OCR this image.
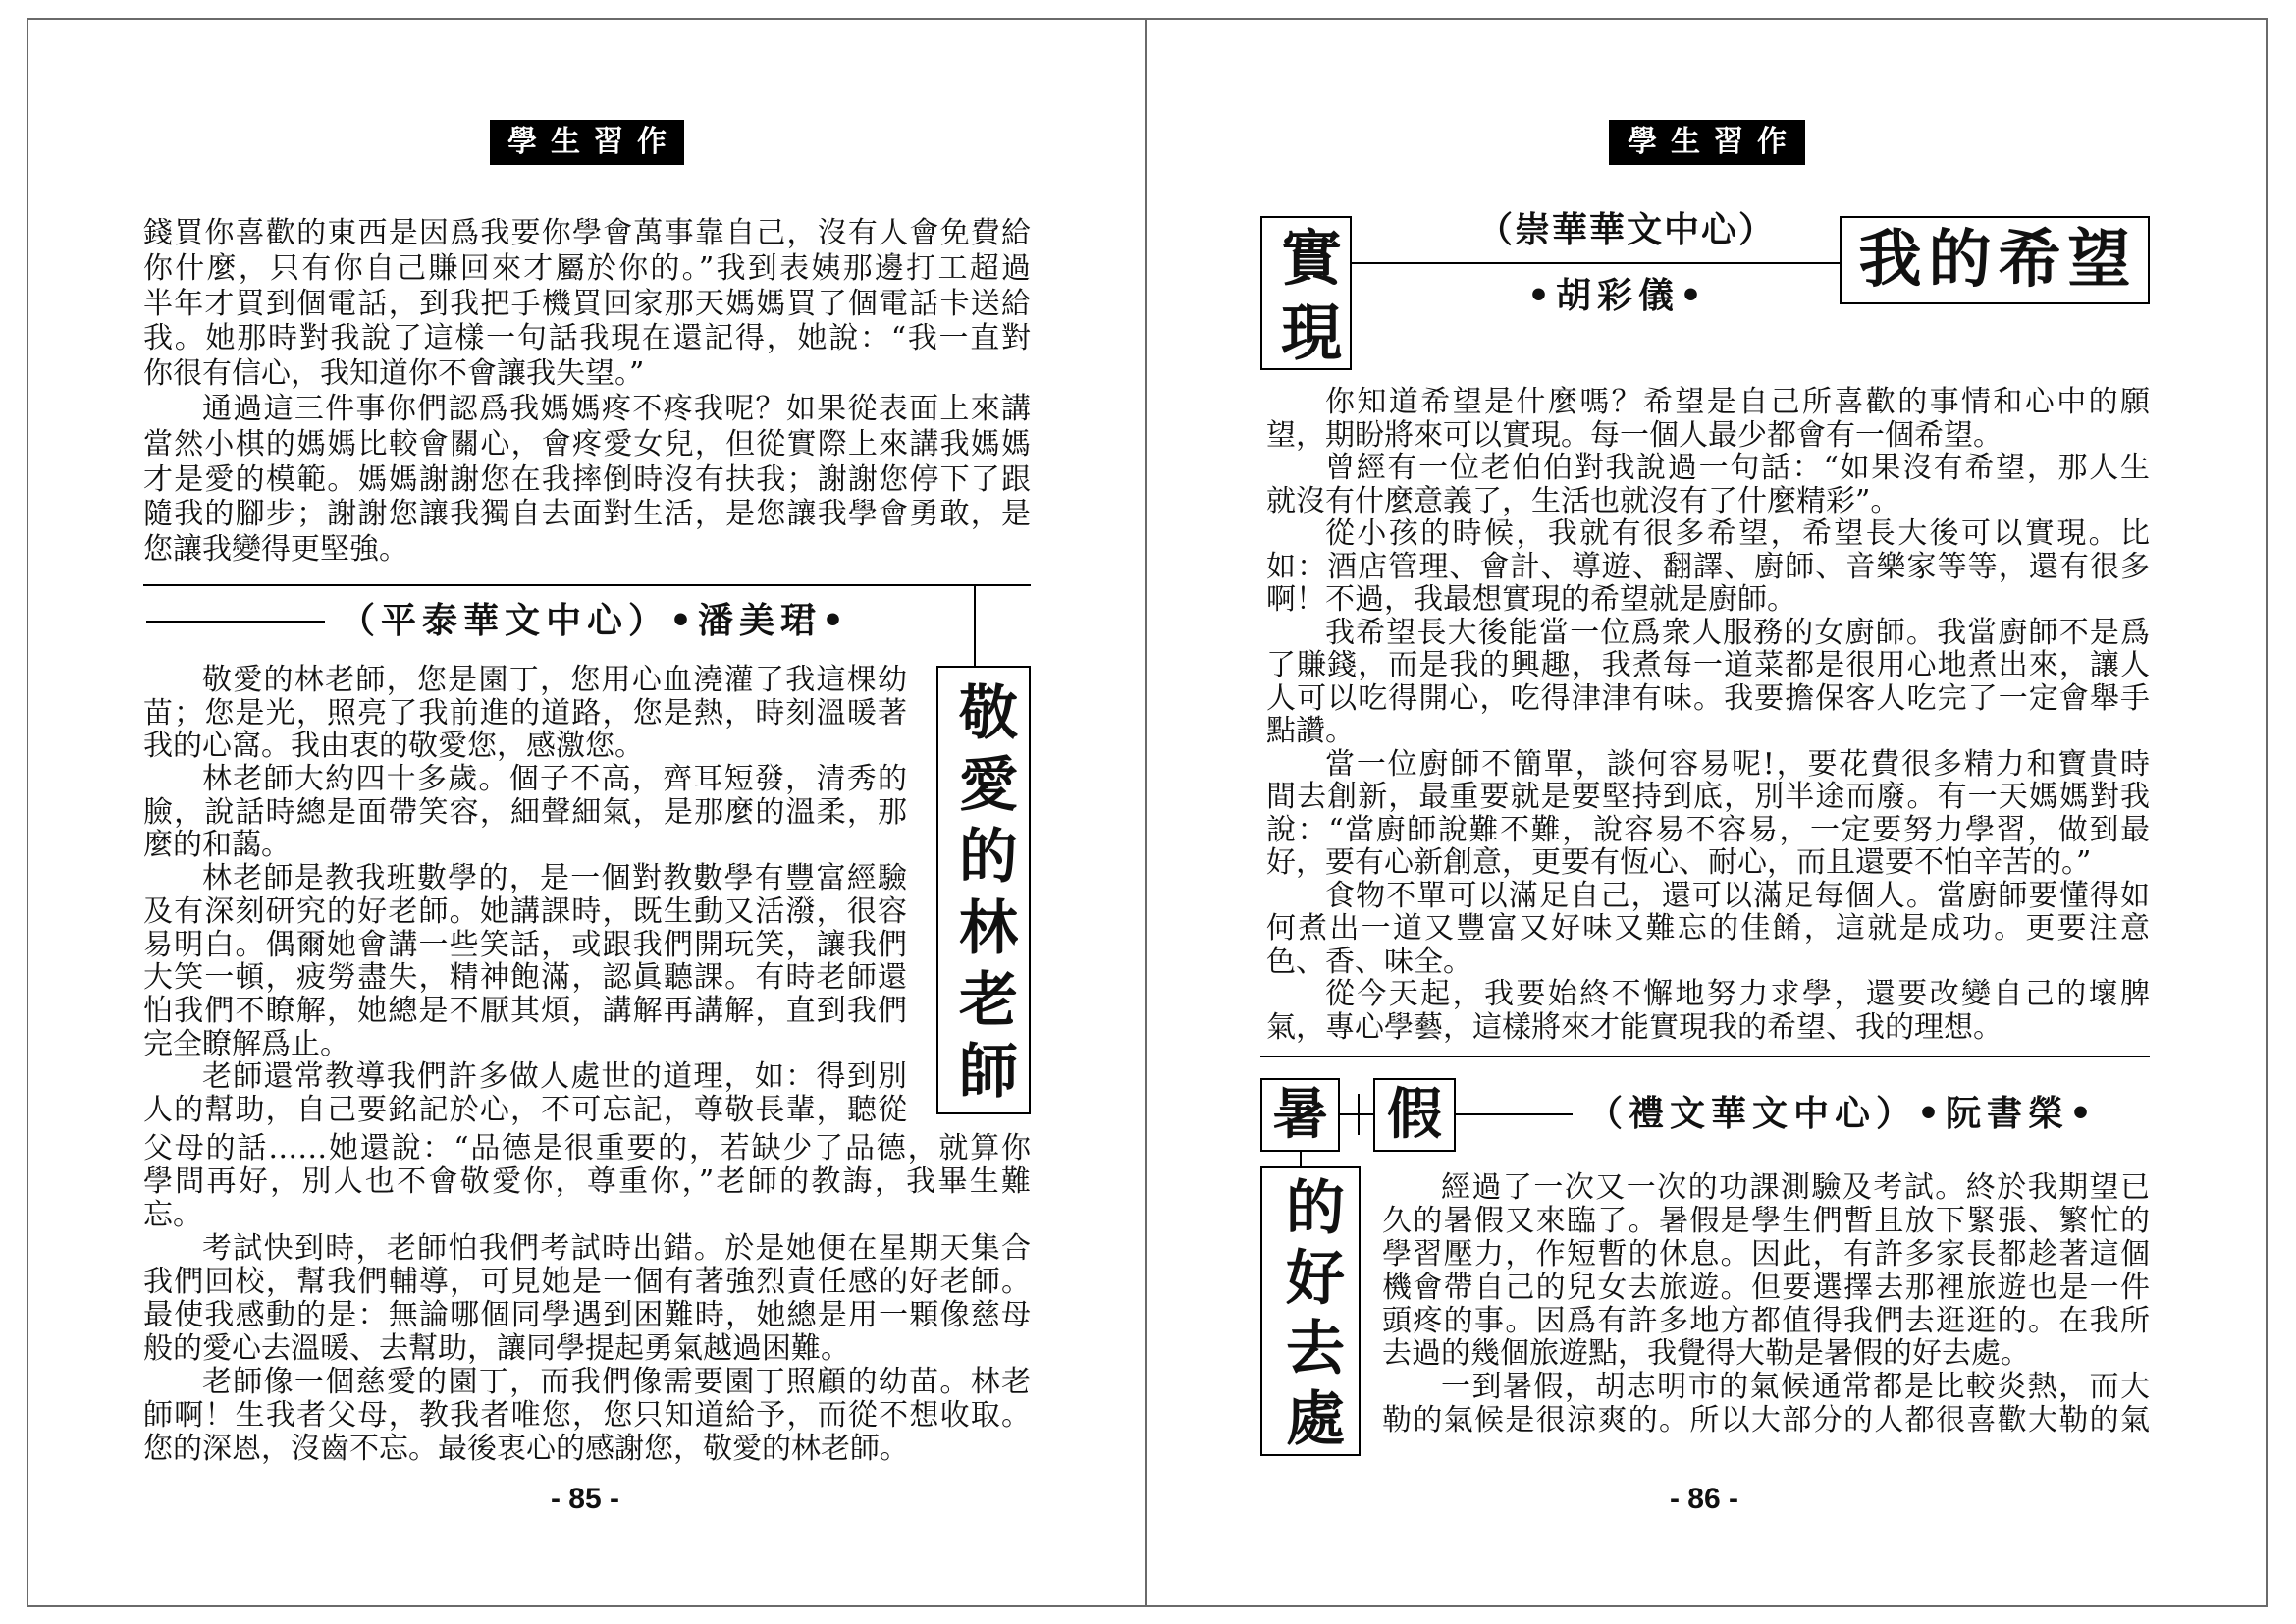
學生習作
錢買你喜歡的東西是因爲我要你學會萬事靠自己，沒有人會免費給
你什麼，只有你自己賺回來才屬於你的。”我到表姨那邊打工超過
半年才買到個電話，到我把手機買回家那天媽媽買了個電話卡送給
我。她那時對我說了這樣一句話我現在還記得，她說：“我一直對
你很有信心，我知道你不會讓我失望。”
通過這三件事你們認爲我媽媽疼不疼我呢？如果從表面上來講
當然小棋的媽媽比較會關心，會疼愛女兒，但從實際上來講我媽媽
才是愛的模範。媽媽謝謝您在我摔倒時沒有扶我；謝謝您停下了跟
隨我的腳步；謝謝您讓我獨自去面對生活，是您讓我學會勇敢，是
您讓我變得更堅強。
（平泰華文中心）•潘美珺•
敬愛的林老師
敬愛的林老師，您是園丁，您用心血澆灌了我這棵幼
苗；您是光，照亮了我前進的道路，您是熱，時刻溫暖著
我的心窩。我由衷的敬愛您，感激您。
林老師大約四十多歲。個子不高，齊耳短發，清秀的
臉，說話時總是面帶笑容，細聲細氣，是那麼的溫柔，那
麼的和藹。
林老師是教我班數學的，是一個對教數學有豐富經驗
及有深刻研究的好老師。她講課時，既生動又活潑，很容
易明白。偶爾她會講一些笑話，或跟我們開玩笑，讓我們
大笑一頓，疲勞盡失，精神飽滿，認眞聽課。有時老師還
怕我們不瞭解，她總是不厭其煩，講解再講解，直到我們
完全瞭解爲止。
老師還常教導我們許多做人處世的道理，如：得到別
人的幫助，自己要銘記於心，不可忘記，尊敬長輩，聽從
父母的話……她還說：“品德是很重要的，若缺少了品德，就算你
學問再好，別人也不會敬愛你，尊重你，”老師的教誨，我畢生難
忘。
考試快到時，老師怕我們考試時出錯。於是她便在星期天集合
我們回校，幫我們輔導，可見她是一個有著強烈責任感的好老師。
最使我感動的是：無論哪個同學遇到困難時，她總是用一顆像慈母
般的愛心去溫暖、去幫助，讓同學提起勇氣越過困難。
老師像一個慈愛的園丁，而我們像需要園丁照顧的幼苗。林老
師啊！生我者父母，教我者唯您，您只知道給予，而從不想收取。
您的深恩，沒齒不忘。最後衷心的感謝您，敬愛的林老師。
- 85 -
學生習作
實現	我的希望
（崇華華文中心）
•胡彩儀•
你知道希望是什麼嗎？希望是自己所喜歡的事情和心中的願
望，期盼將來可以實現。每一個人最少都會有一個希望。
曾經有一位老伯伯對我說過一句話：“如果沒有希望，那人生
就沒有什麼意義了，生活也就沒有了什麼精彩”。
從小孩的時候，我就有很多希望，希望長大後可以實現。比
如：酒店管理、會計、導遊、翻譯、廚師、音樂家等等，還有很多
啊！不過，我最想實現的希望就是廚師。
我希望長大後能當一位爲衆人服務的女廚師。我當廚師不是爲
了賺錢，而是我的興趣，我煮每一道菜都是很用心地煮出來，讓人
人可以吃得開心，吃得津津有味。我要擔保客人吃完了一定會舉手
點讚。
當一位廚師不簡單，談何容易呢!，要花費很多精力和寶貴時
間去創新，最重要就是要堅持到底，別半途而廢。有一天媽媽對我
說：“當廚師說難不難，說容易不容易，一定要努力學習，做到最
好，要有心新創意，更要有恆心、耐心，而且還要不怕辛苦的。”
食物不單可以滿足自己，還可以滿足每個人。當廚師要懂得如
何煮出一道又豐富又好味又難忘的佳餚，這就是成功。更要注意
色、香、味全。
從今天起，我要始終不懈地努力求學，還要改變自己的壞脾
氣，專心學藝，這樣將來才能實現我的希望、我的理想。
暑 假	（禮文華文中心）•阮書榮•
的好去處	經過了一次又一次的功課測驗及考試。終於我期望已
久的暑假又來臨了。暑假是學生們暫且放下緊張、繁忙的
學習壓力，作短暫的休息。因此，有許多家長都趁著這個
機會帶自己的兒女去旅遊。但要選擇去那裡旅遊也是一件
頭疼的事。因爲有許多地方都值得我們去逛逛的。在我所
去過的幾個旅遊點，我覺得大勒是暑假的好去處。
一到暑假，胡志明市的氣候通常都是比較炎熱，而大
勒的氣候是很涼爽的。所以大部分的人都很喜歡大勒的氣
- 86 -
